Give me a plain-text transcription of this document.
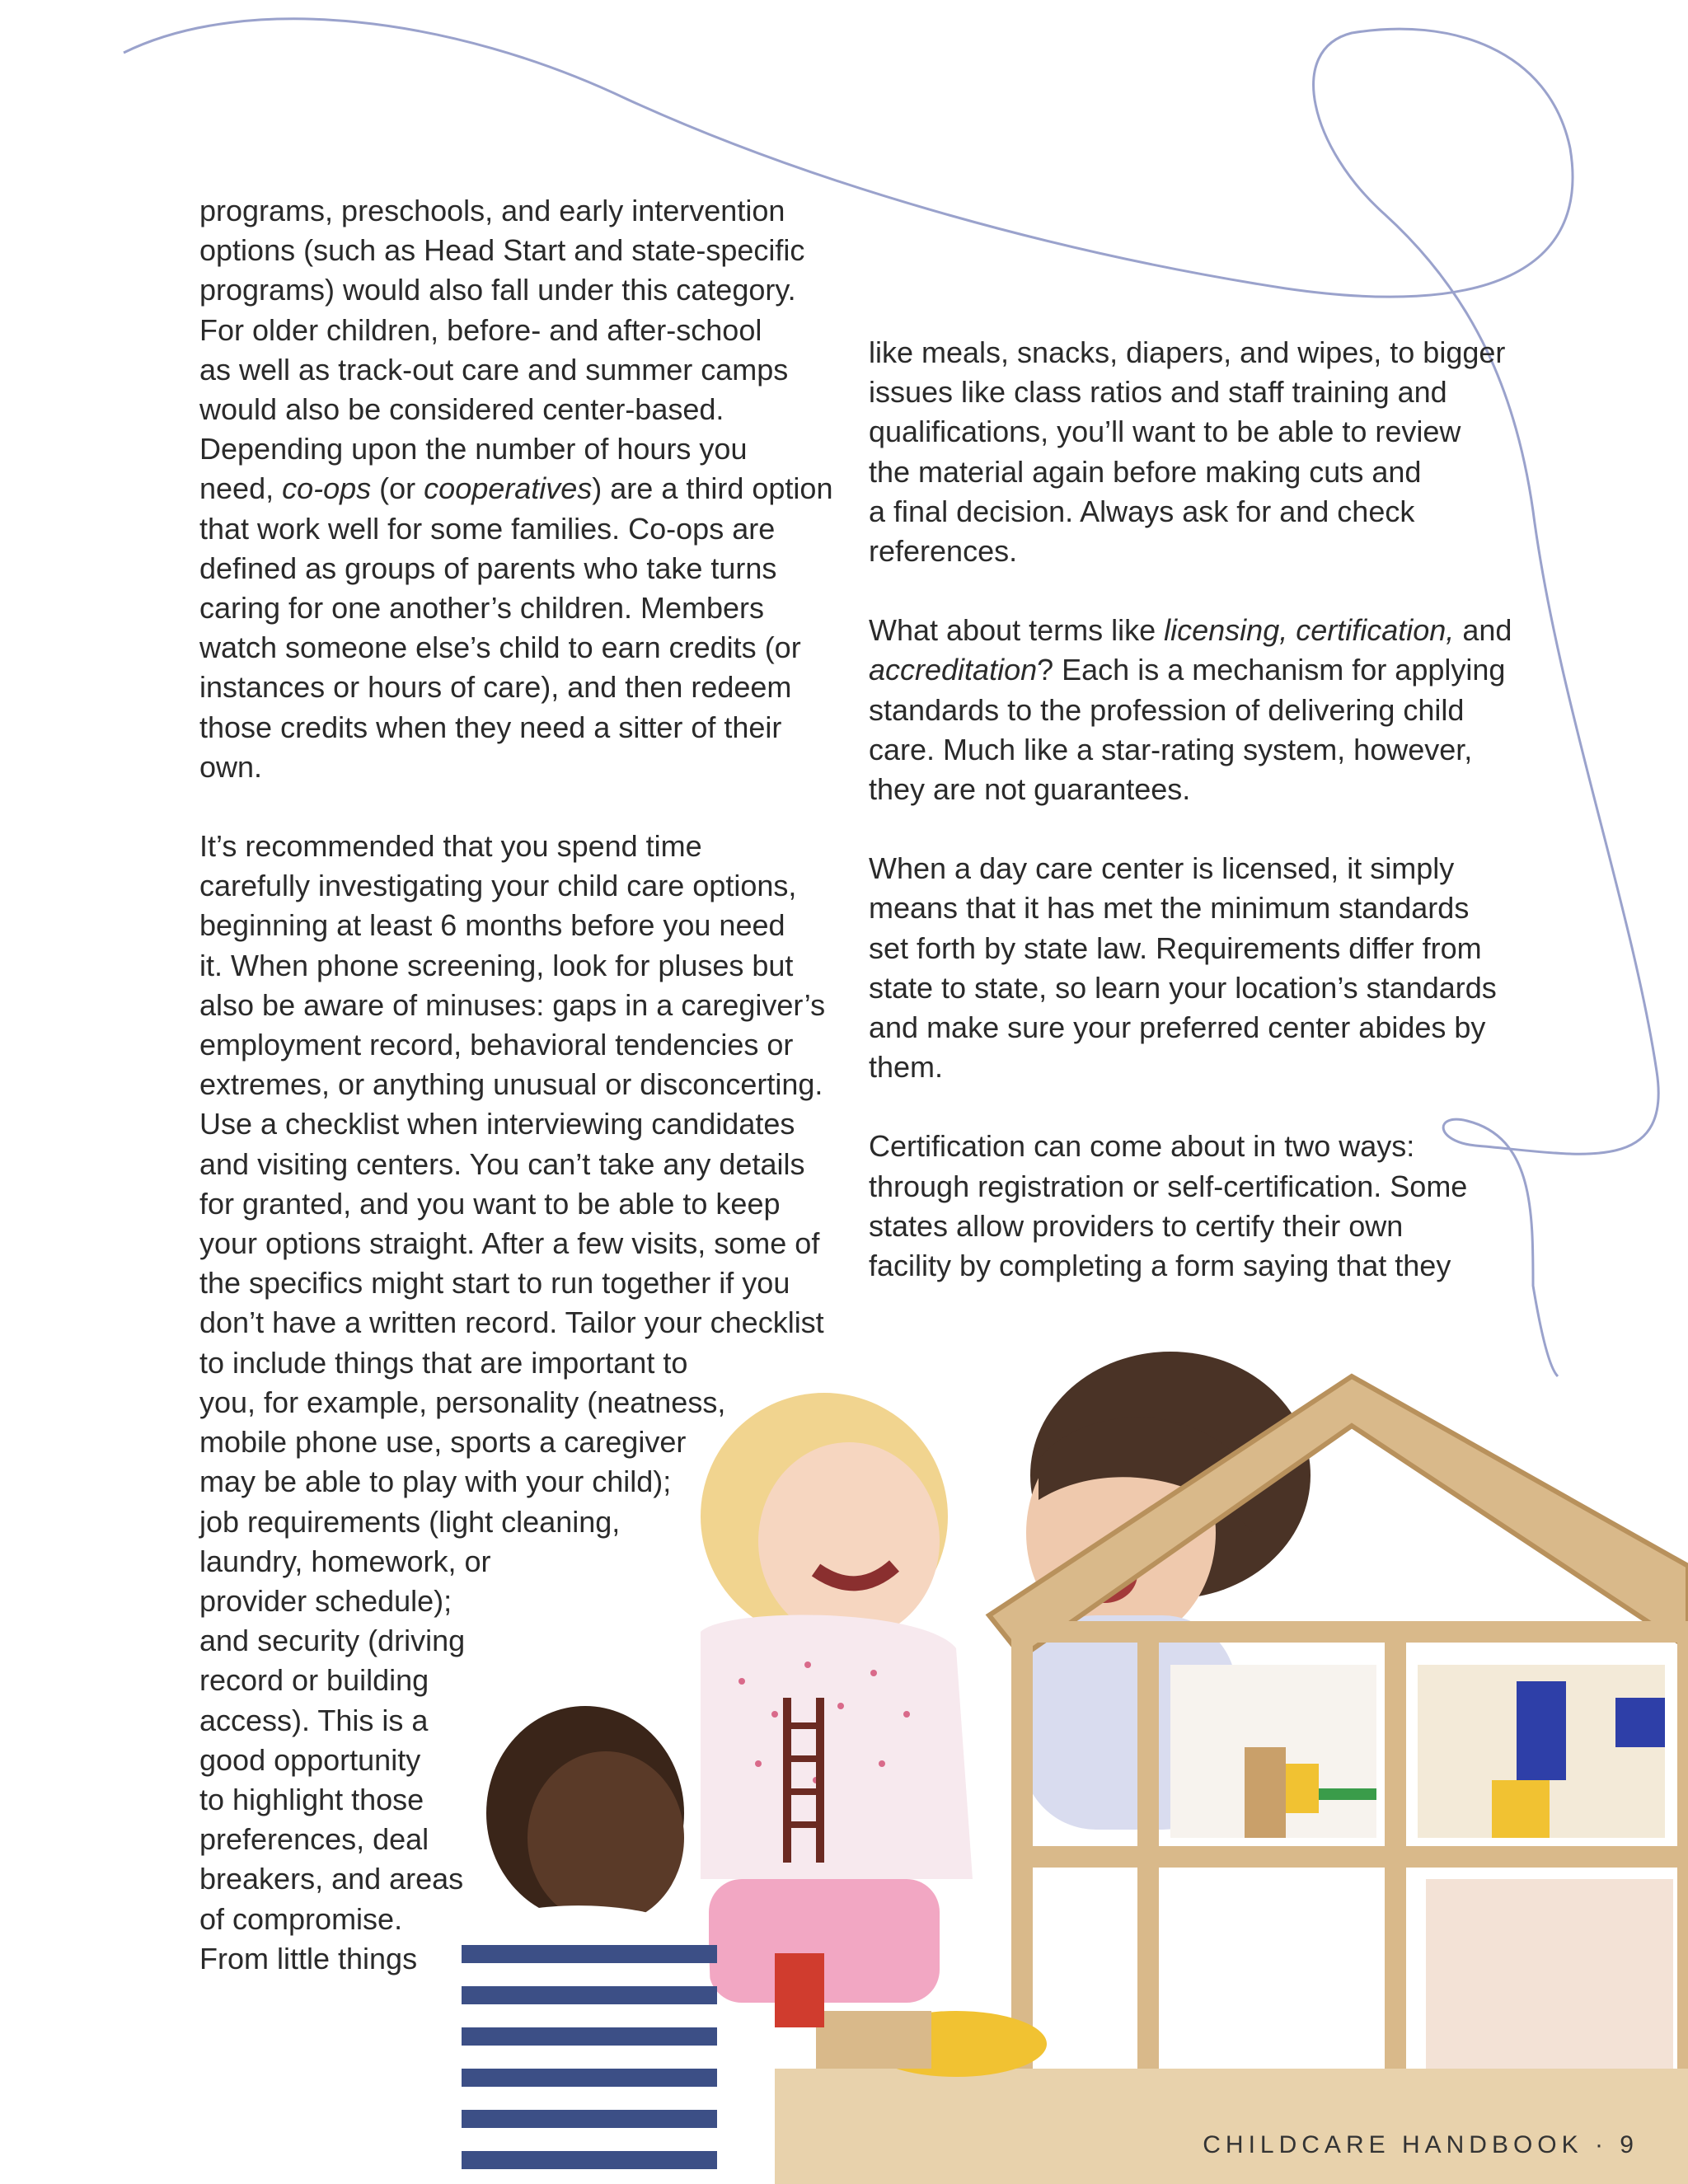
programs, preschools, and early intervention
options (such as Head Start and state-specific
programs) would also fall under this category.
For older children, before- and after-school
as well as track-out care and summer camps
would also be considered center-based.
Depending upon the number of hours you
need, co-ops (or cooperatives) are a third option
that work well for some families. Co-ops are
defined as groups of parents who take turns
caring for one another’s children. Members
watch someone else’s child to earn credits (or
instances or hours of care), and then redeem
those credits when they need a sitter of their
own.
It’s recommended that you spend time
carefully investigating your child care options,
beginning at least 6 months before you need
it. When phone screening, look for pluses but
also be aware of minuses: gaps in a caregiver’s
employment record, behavioral tendencies or
extremes, or anything unusual or disconcerting.
Use a checklist when interviewing candidates
and visiting centers. You can’t take any details
for granted, and you want to be able to keep
your options straight. After a few visits, some of
the specifics might start to run together if you
don’t have a written record. Tailor your checklist
to include things that are important to
you, for example, personality (neatness,
mobile phone use, sports a caregiver
may be able to play with your child);
job requirements (light cleaning,
laundry, homework, or
provider schedule);
and security (driving
record or building
access). This is a
good opportunity
to highlight those
preferences, deal
breakers, and areas
of compromise.
From little things
like meals, snacks, diapers, and wipes, to bigger
issues like class ratios and staff training and
qualifications, you’ll want to be able to review
the material again before making cuts and
a final decision. Always ask for and check
references.
What about terms like licensing, certification, and
accreditation? Each is a mechanism for applying
standards to the profession of delivering child
care. Much like a star-rating system, however,
they are not guarantees.
When a day care center is licensed, it simply
means that it has met the minimum standards
set forth by state law. Requirements differ from
state to state, so learn your location’s standards
and make sure your preferred center abides by
them.
Certification can come about in two ways:
through registration or self-certification. Some
states allow providers to certify their own
facility by completing a form saying that they
CHILDCARE HANDBOOK · 9
